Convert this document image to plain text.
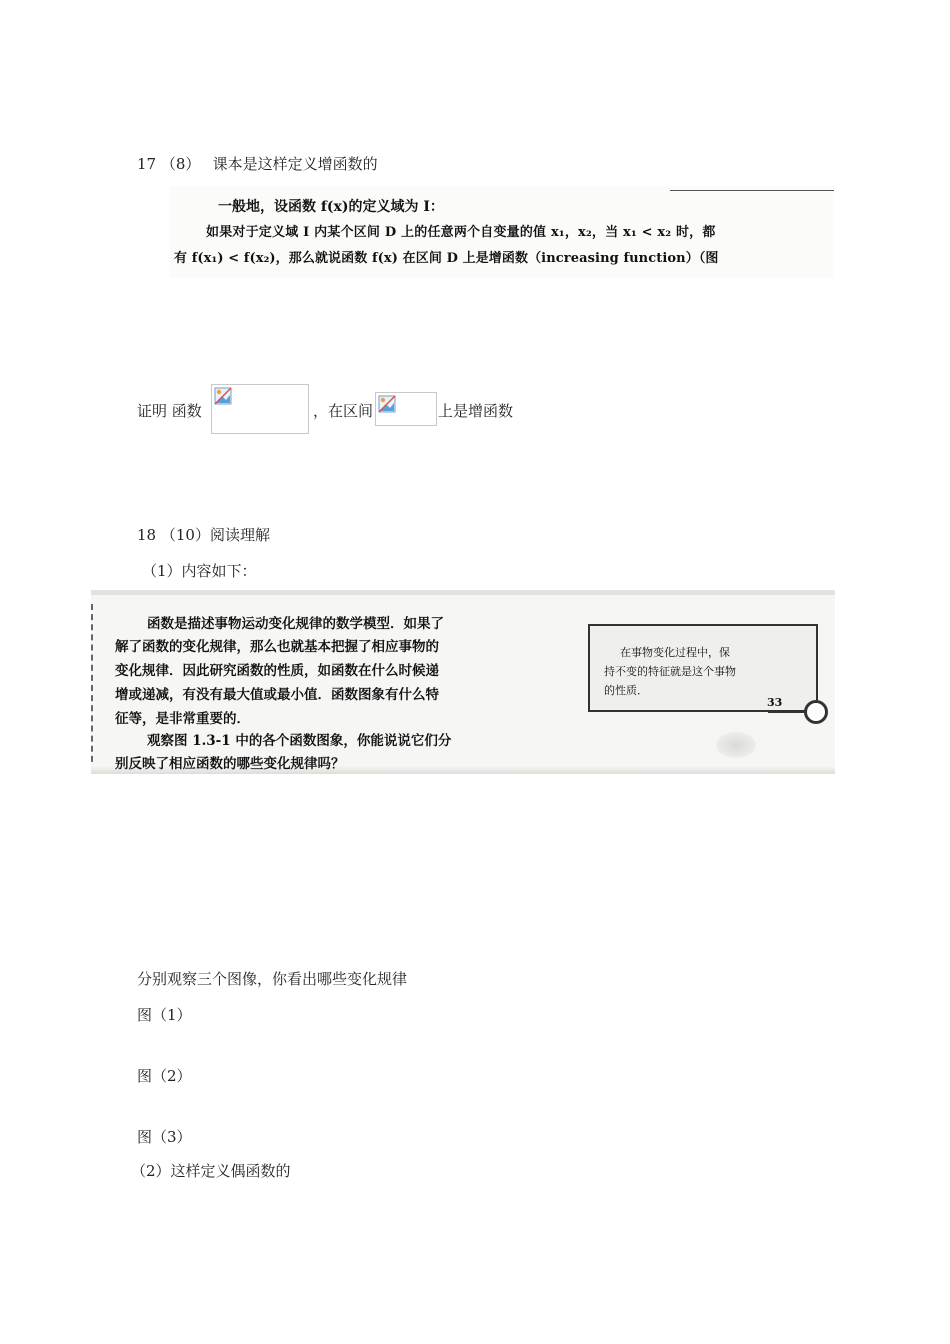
17 （8）　 课本是这样定义增函数的
一般地，设函数 f(x)的定义域为 I：
如果对于定义域 I 内某个区间 D 上的任意两个自变量的值 x₁，x₂，当 x₁ < x₂ 时，都
有 f(x₁) < f(x₂)，那么就说函数 f(x) 在区间 D 上是增函数（increasing function）（图
证明 函数	，在区间	上是增函数
18 （10）阅读理解
（1）内容如下：
函数是描述事物运动变化规律的数学模型．如果了
解了函数的变化规律，那么也就基本把握了相应事物的
变化规律．因此研究函数的性质，如函数在什么时候递
增或递减，有没有最大值或最小值．函数图象有什么特
征等，是非常重要的．
观察图 1.3-1 中的各个函数图象，你能说说它们分
别反映了相应函数的哪些变化规律吗？
在事物变化过程中，保
持不变的特征就是这个事物
的性质．
33
分别观察三个图像，你看出哪些变化规律
图（1）
图（2）
图（3）
（2）这样定义偶函数的
